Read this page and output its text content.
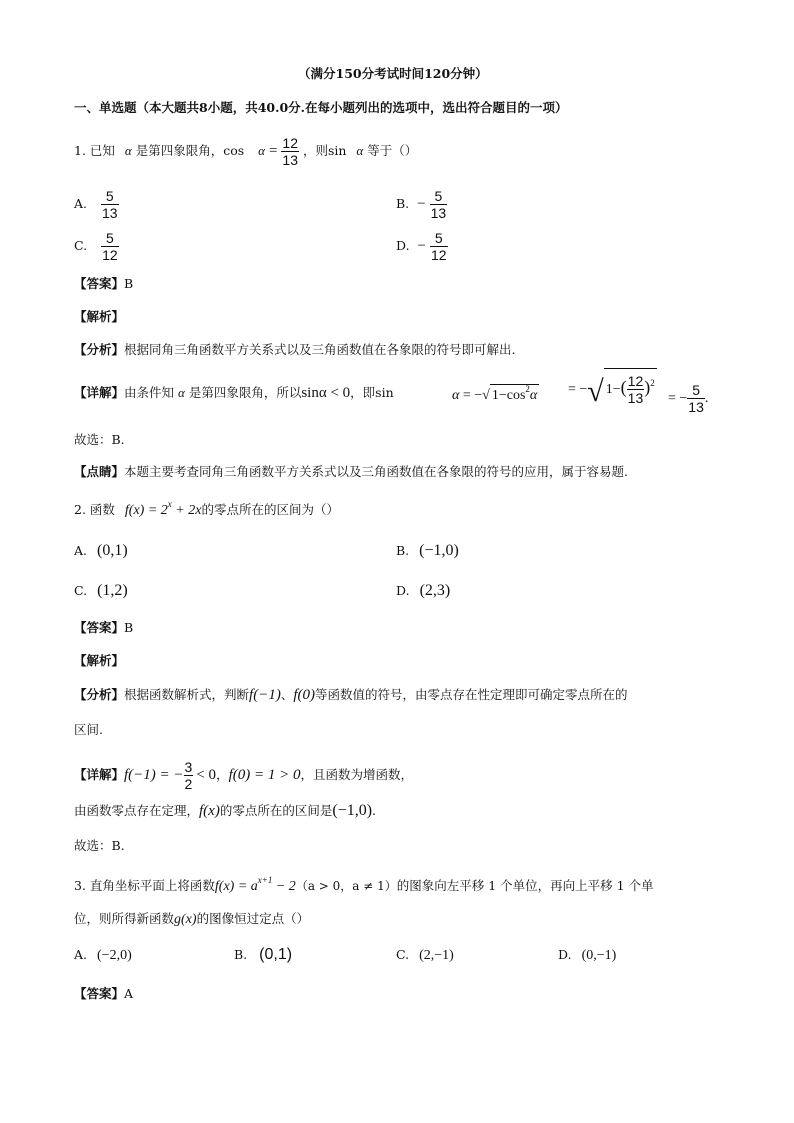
（满分150分考试时间120分钟）
一、单选题（本大题共8小题，共40.0分.在每小题列出的选项中，选出符合题目的一项）
1. 已知 α 是第四象限角，$\cos \alpha = \frac{12}{13}$ ，则sin α 等于（）
A. $\frac{5}{13}$	B. − $\frac{5}{13}$
C. $\frac{5}{12}$	D. − $\frac{5}{12}$
【答案】B
【解析】
【分析】根据同角三角函数平方关系式以及三角函数值在各象限的符号即可解出.
【详解】由条件知 α 是第四象限角，所以sinα < 0，即sin	α = −√ $1-\cos^2\alpha$ = −√ $1-( \frac{12}{13} )^2$
= − $\frac{5}{13}$ .
故选：B.
【点睛】本题主要考查同角三角函数平方关系式以及三角函数值在各象限的符号的应用，属于容易题.
2. 函数 $f(x) = 2^x + 2x$的零点所在的区间为（）
A. (0,1)	B. (−1,0)
C. (1,2)	D. (2,3)
【答案】B
【解析】
【分析】根据函数解析式，判断f(−1)、f(0)等函数值的符号，由零点存在性定理即可确定零点所在的
区间.
【详解】f(−1) = − $\frac{3}{2} < 0$，f(0) = 1 > 0，且函数为增函数，
由函数零点存在定理，f(x)的零点所在的区间是(−1,0).
故选：B.
3. 直角坐标平面上将函数$f(x) = a^{x+1} - 2(a > 0$，a ≠ 1）的图象向左平移 1 个单位，再向上平移 1 个单
位，则所得新函数g(x)的图像恒过定点（）
A. (−2,0)	B. (0,1)	C. (2,−1)	D. (0,−1)
【答案】A
